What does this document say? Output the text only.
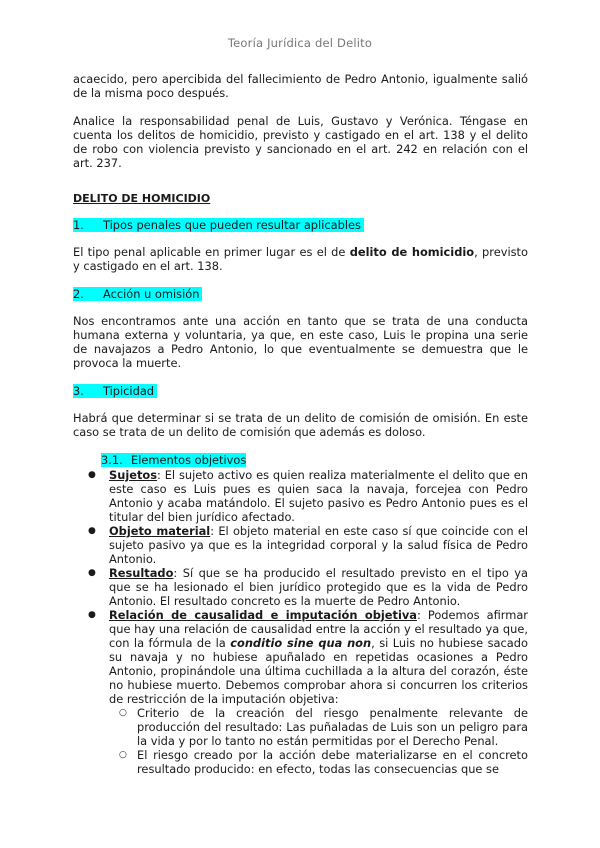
Teoría Jurídica del Delito

acaecido, pero apercibida del fallecimiento de Pedro Antonio, igualmente salió de la misma poco después.

Analice la responsabilidad penal de Luis, Gustavo y Verónica. Téngase en cuenta los delitos de homicidio, previsto y castigado en el art. 138 y el delito de robo con violencia previsto y sancionado en el art. 242 en relación con el art. 237.

DELITO DE HOMICIDIO
1. Tipos penales que pueden resultar aplicables

El tipo penal aplicable en primer lugar es el de delito de homicidio, previsto y castigado en el art. 138.

2. Acción u omisión

Nos encontramos ante una acción en tanto que se trata de una conducta humana externa y voluntaria, ya que, en este caso, Luis le propina una serie de navajazos a Pedro Antonio, lo que eventualmente se demuestra que le provoca la muerte.

3. Tipicidad

Habrá que determinar si se trata de un delito de comisión de omisión. En este caso se trata de un delito de comisión que además es doloso.

3.1. Elementos objetivos
● Sujetos: El sujeto activo es quien realiza materialmente el delito que en este caso es Luis pues es quien saca la navaja, forcejea con Pedro Antonio y acaba matándolo. El sujeto pasivo es Pedro Antonio pues es el titular del bien jurídico afectado.
● Objeto material: El objeto material en este caso sí que coincide con el sujeto pasivo ya que es la integridad corporal y la salud física de Pedro Antonio.
● Resultado: Sí que se ha producido el resultado previsto en el tipo ya que se ha lesionado el bien jurídico protegido que es la vida de Pedro Antonio. El resultado concreto es la muerte de Pedro Antonio.
● Relación de causalidad e imputación objetiva: Podemos afirmar que hay una relación de causalidad entre la acción y el resultado ya que, con la fórmula de la conditio sine qua non, si Luis no hubiese sacado su navaja y no hubiese apuñalado en repetidas ocasiones a Pedro Antonio, propinándole una última cuchillada a la altura del corazón, éste no hubiese muerto. Debemos comprobar ahora si concurren los criterios de restricción de la imputación objetiva:
○ Criterio de la creación del riesgo penalmente relevante de producción del resultado: Las puñaladas de Luis son un peligro para la vida y por lo tanto no están permitidas por el Derecho Penal.
○ El riesgo creado por la acción debe materializarse en el concreto resultado producido: en efecto, todas las consecuencias que se
